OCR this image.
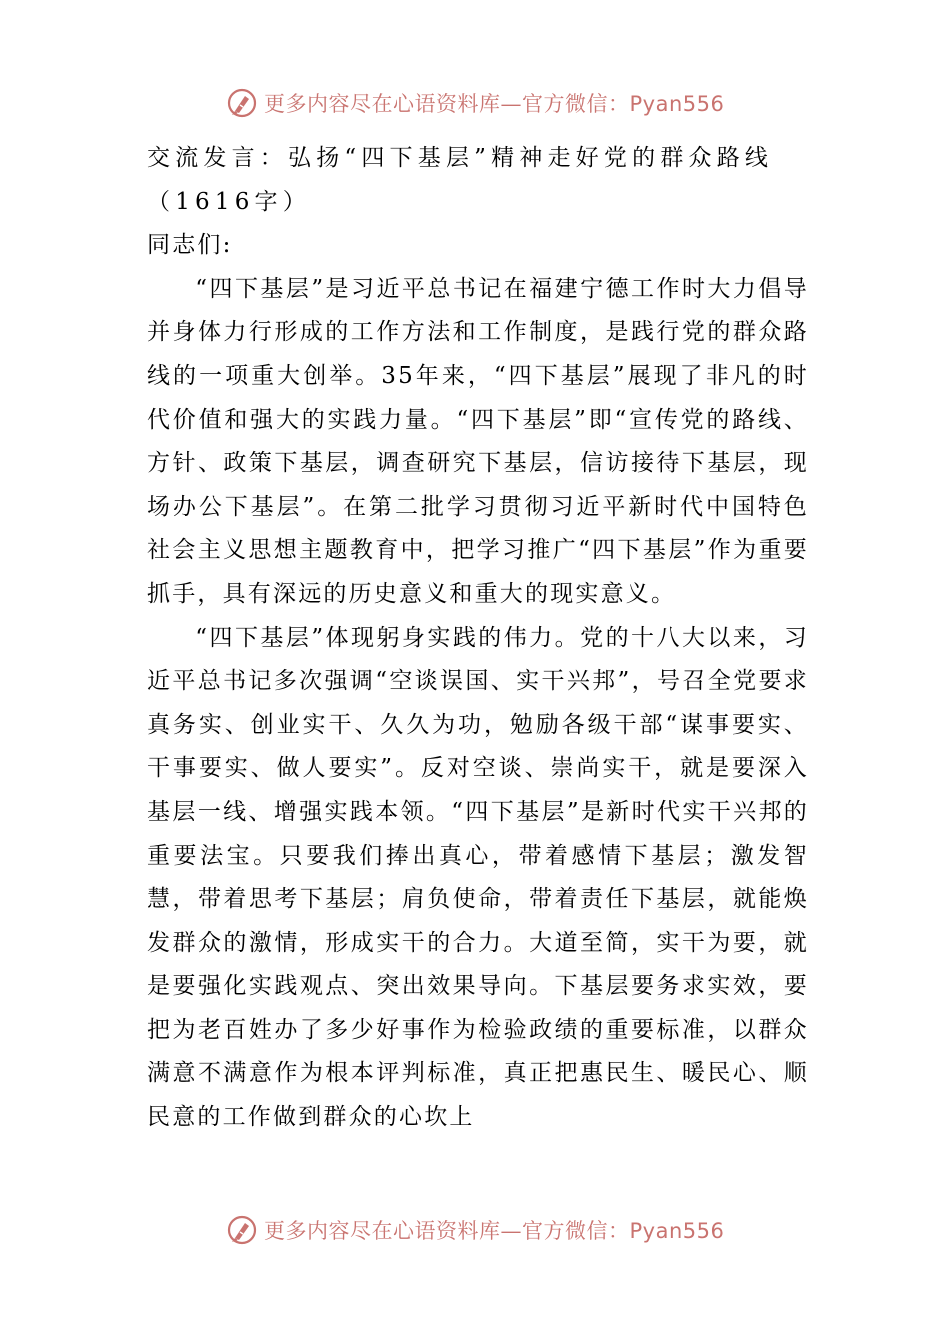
更多内容尽在心语资料库—官方微信：Pyan556

交流发言：弘扬“四下基层”精神走好党的群众路线（1616字）

同志们:

“四下基层”是习近平总书记在福建宁德工作时大力倡导并身体力行形成的工作方法和工作制度，是践行党的群众路线的一项重大创举。35年来，“四下基层”展现了非凡的时代价值和强大的实践力量。“四下基层”即“宣传党的路线、方针、政策下基层，调查研究下基层，信访接待下基层，现场办公下基层”。在第二批学习贯彻习近平新时代中国特色社会主义思想主题教育中，把学习推广“四下基层”作为重要抓手，具有深远的历史意义和重大的现实意义。

“四下基层”体现躬身实践的伟力。党的十八大以来，习近平总书记多次强调“空谈误国、实干兴邦”，号召全党要求真务实、创业实干、久久为功，勉励各级干部“谋事要实、干事要实、做人要实”。反对空谈、崇尚实干，就是要深入基层一线、增强实践本领。“四下基层”是新时代实干兴邦的重要法宝。只要我们捧出真心，带着感情下基层；激发智慧，带着思考下基层；肩负使命，带着责任下基层，就能焕发群众的激情，形成实干的合力。大道至简，实干为要，就是要强化实践观点、突出效果导向。下基层要务求实效，要把为老百姓办了多少好事作为检验政绩的重要标准，以群众满意不满意作为根本评判标准，真正把惠民生、暖民心、顺民意的工作做到群众的心坎上

更多内容尽在心语资料库—官方微信：Pyan556
